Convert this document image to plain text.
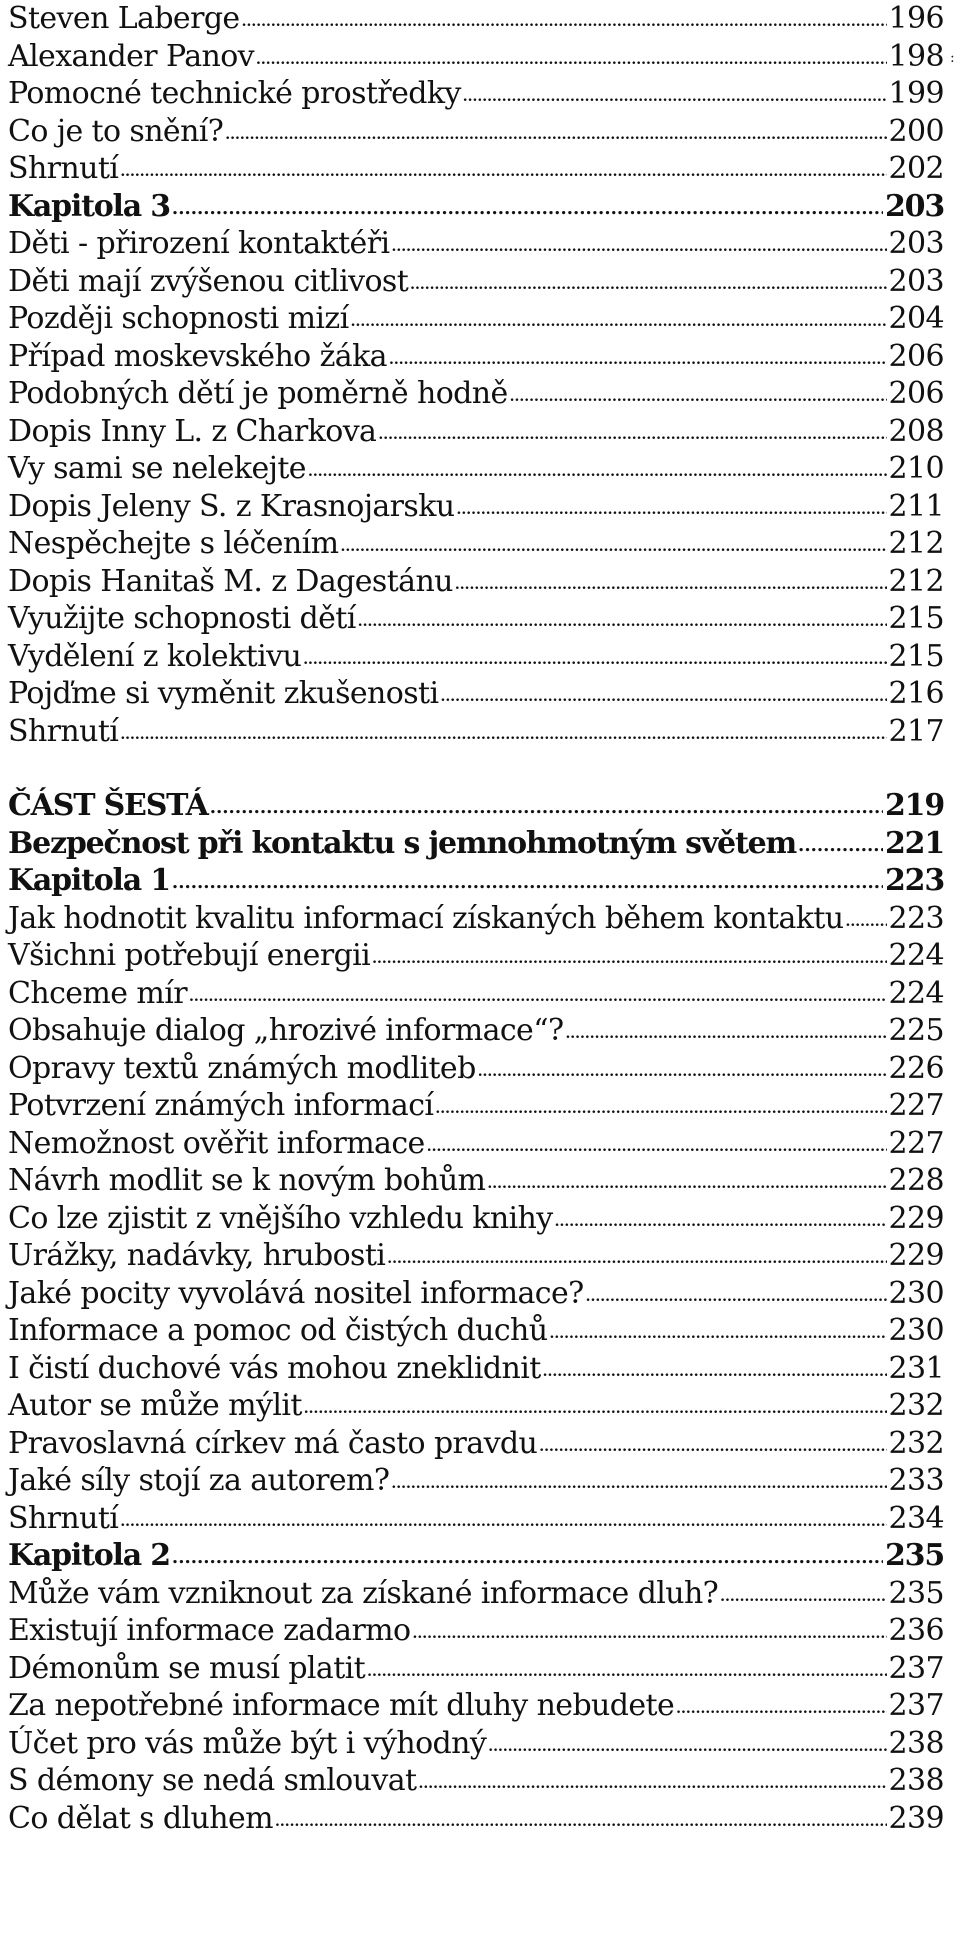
Steven Laberge .....	196
Alexander Panov .....	198
Pomocné technické prostředky .....	199
Co je to snění? .....	200
Shrnutí .....	202
Kapitola 3 .....	203
Děti - přirození kontaktéři .....	203
Děti mají zvýšenou citlivost .....	203
Později schopnosti mizí .....	204
Případ moskevského žáka .....	206
Podobných dětí je poměrně hodně .....	206
Dopis Inny L. z Charkova .....	208
Vy sami se nelekejte .....	210
Dopis Jeleny S. z Krasnojarsku .....	211
Nespěchejte s léčením .....	212
Dopis Hanitaš M. z Dagestánu .....	212
Využijte schopnosti dětí .....	215
Vydělení z kolektivu .....	215
Pojďme si vyměnit zkušenosti .....	216
Shrnutí .....	217
ČÁST ŠESTÁ .....	219
Bezpečnost při kontaktu s jemnohmotným světem .....	221
Kapitola 1 .....	223
Jak hodnotit kvalitu informací získaných během kontaktu ..... 223
Všichni potřebují energii .....	224
Chceme mír .....	224
Obsahuje dialog „hrozivé informace“? .....	225
Opravy textů známých modliteb .....	226
Potvrzení známých informací .....	227
Nemožnost ověřit informace .....	227
Návrh modlit se k novým bohům .....	228
Co lze zjistit z vnějšího vzhledu knihy .....	229
Urážky, nadávky, hrubosti .....	229
Jaké pocity vyvolává nositel informace? .....	230
Informace a pomoc od čistých duchů .....	230
I čistí duchové vás mohou zneklidnit .....	231
Autor se může mýlit .....	232
Pravoslavná církev má často pravdu .....	232
Jaké síly stojí za autorem? .....	233
Shrnutí .....	234
Kapitola 2 .....	235
Může vám vzniknout za získané informace dluh? .....	235
Existují informace zadarmo .....	236
Démonům se musí platit .....	237
Za nepotřebné informace mít dluhy nebudete .....	237
Účet pro vás může být i výhodný .....	238
S démony se nedá smlouvat .....	238
Co dělat s dluhem .....	239
:
